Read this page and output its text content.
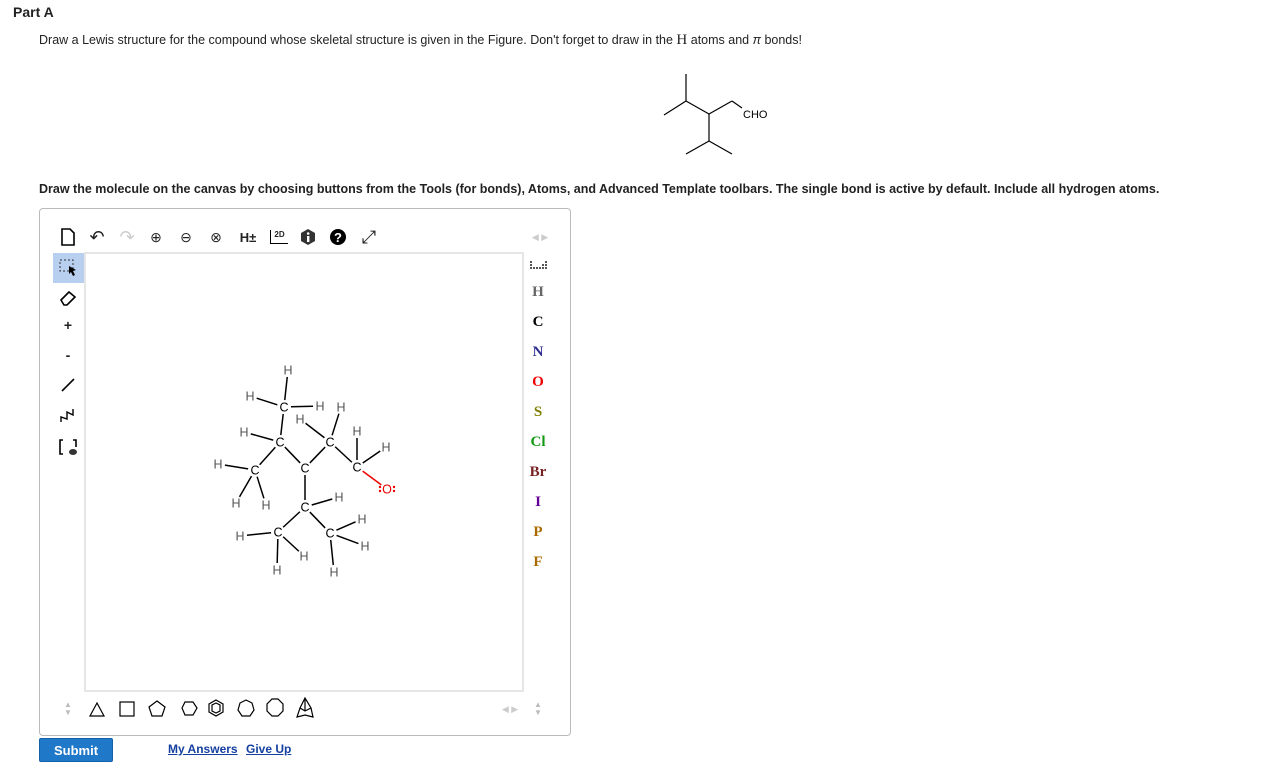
Part A
Draw a Lewis structure for the compound whose skeletal structure is given in the Figure. Don't forget to draw in the H atoms and π bonds!
CHO
Draw the molecule on the canvas by choosing buttons from the Tools (for bonds), Atoms, and Advanced Template toolbars. The single bond is active by default. Include all hydrogen atoms.
↶ ↷ ⊕ ⊖ ⊗	H±	2D	? ⤢	◀ ▶
+
-
C
C
C	C
C
C
O
C
C	C
H
H
H
H
H
H H
H
H
H
H
H
H
H
H
H
H
H
H
C
N
O
S
Cl
Br
I
P
F
▲
▼	◀ ▶ ▲
▼
Submit	My Answers Give Up
